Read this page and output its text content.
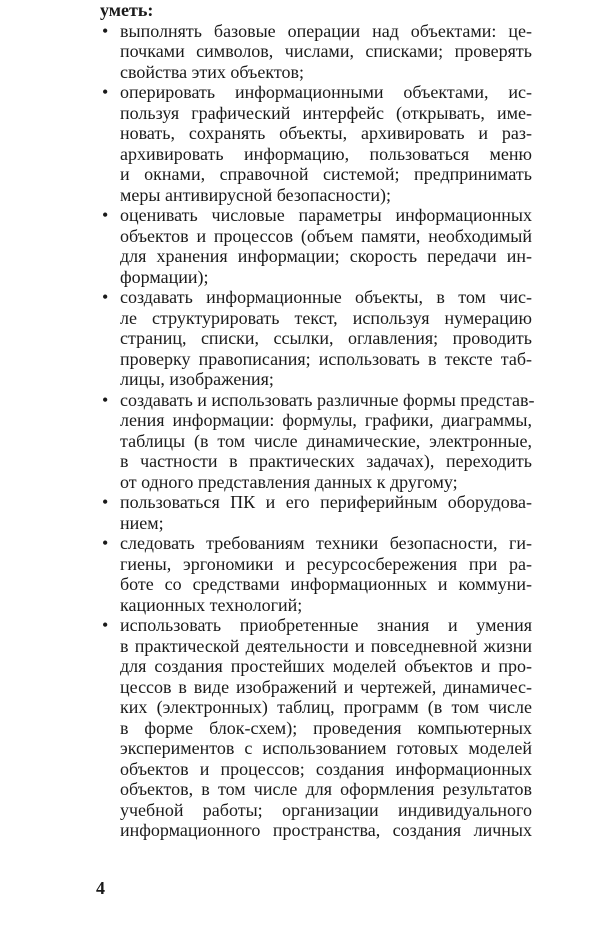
уметь:
• выполнять базовые операции над объектами: це-
почками символов, числами, списками; проверять
свойства этих объектов;
• оперировать информационными объектами, ис-
пользуя графический интерфейс (открывать, име-
новать, сохранять объекты, архивировать и раз-
архивировать информацию, пользоваться меню
и окнами, справочной системой; предпринимать
меры антивирусной безопасности);
• оценивать числовые параметры информационных
объектов и процессов (объем памяти, необходимый
для хранения информации; скорость передачи ин-
формации);
• создавать информационные объекты, в том чис-
ле структурировать текст, используя нумерацию
страниц, списки, ссылки, оглавления; проводить
проверку правописания; использовать в тексте таб-
лицы, изображения;
• создавать и использовать различные формы представ-
ления информации: формулы, графики, диаграммы,
таблицы (в том числе динамические, электронные,
в частности в практических задачах), переходить
от одного представления данных к другому;
• пользоваться ПК и его периферийным оборудова-
нием;
• следовать требованиям техники безопасности, ги-
гиены, эргономики и ресурсосбережения при ра-
боте со средствами информационных и коммуни-
кационных технологий;
• использовать приобретенные знания и умения
в практической деятельности и повседневной жизни
для создания простейших моделей объектов и про-
цессов в виде изображений и чертежей, динамичес-
ких (электронных) таблиц, программ (в том числе
в форме блок-схем); проведения компьютерных
экспериментов с использованием готовых моделей
объектов и процессов; создания информационных
объектов, в том числе для оформления результатов
учебной работы; организации индивидуального
информационного пространства, создания личных
4
